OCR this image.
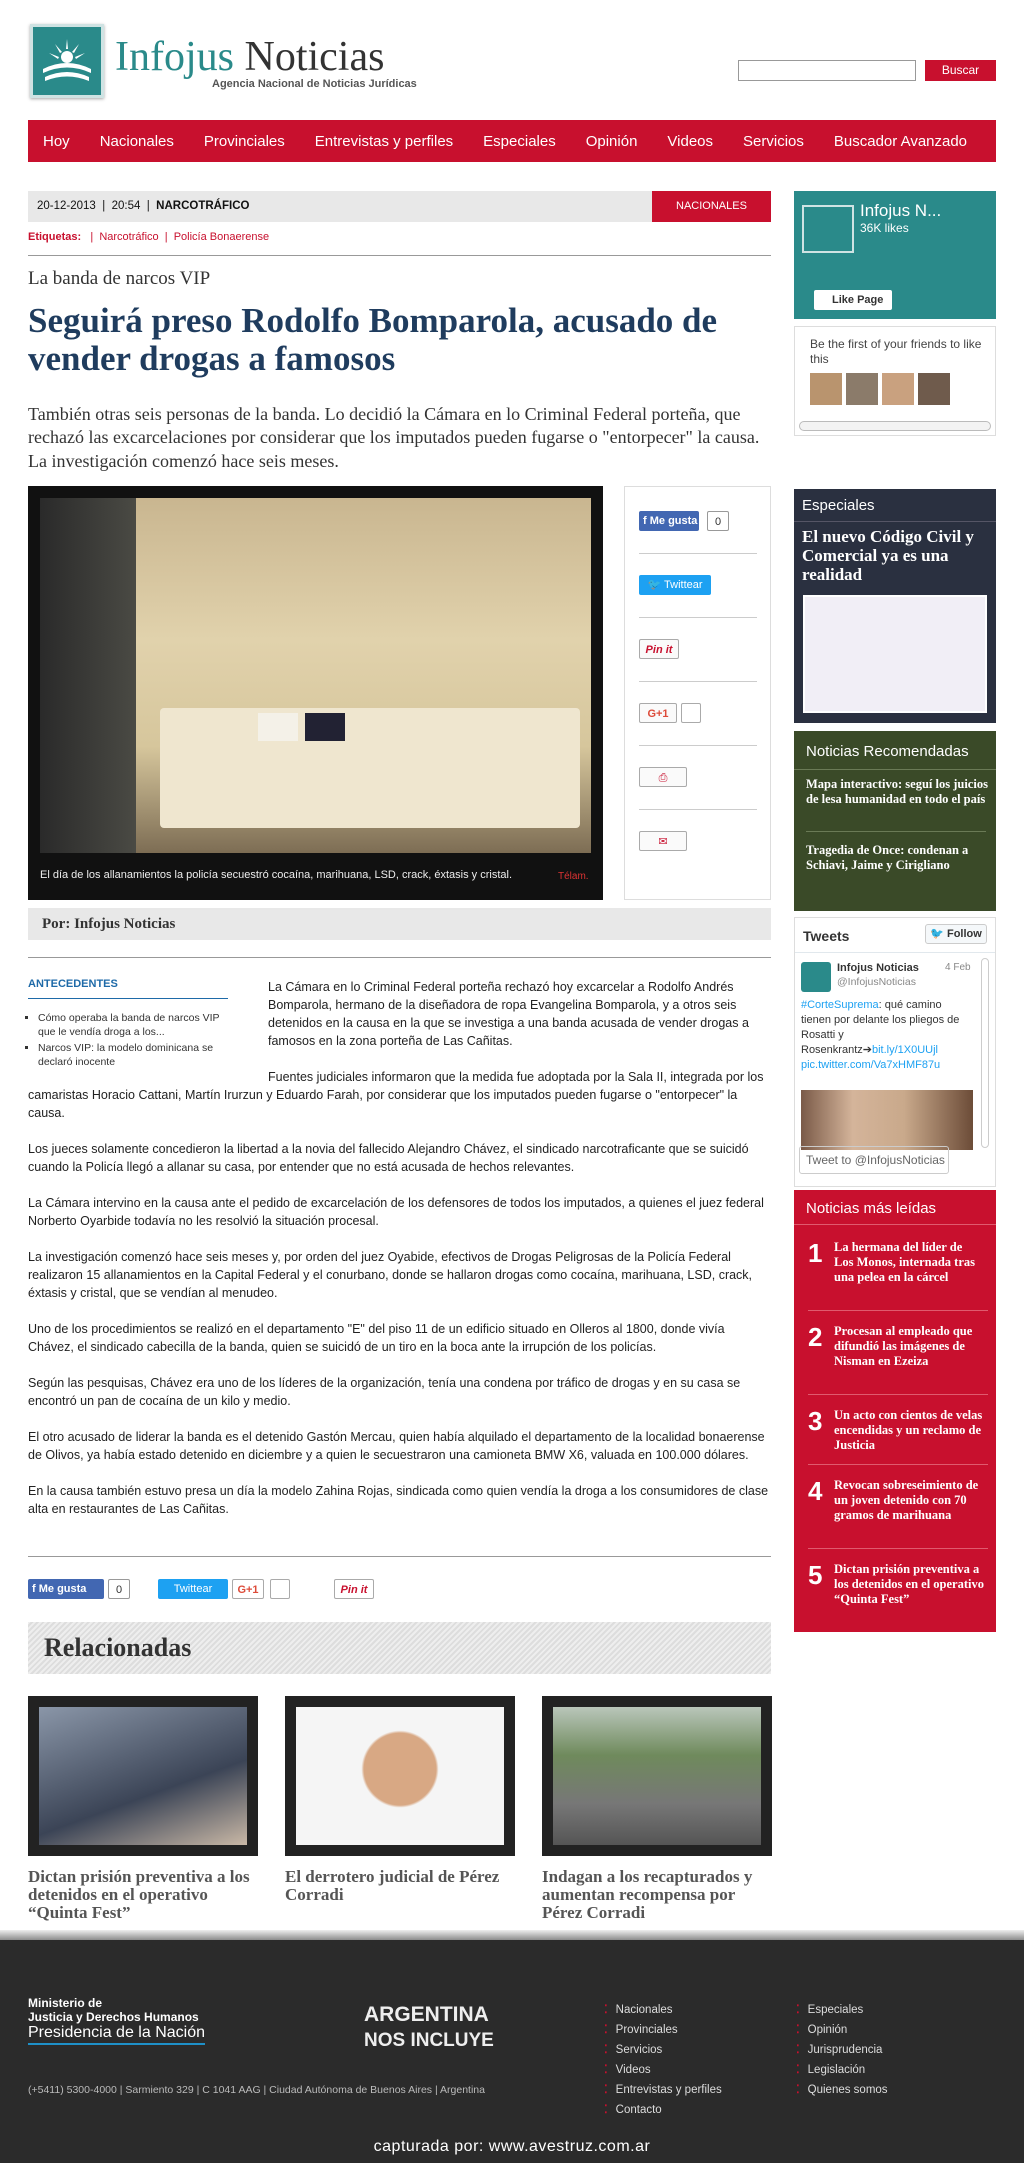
Infojus Noticias
Agencia Nacional de Noticias Jurídicas
Buscar
Hoy Nacionales Provinciales Entrevistas y perfiles Especiales Opinión Videos Servicios Buscador Avanzado
20-12-2013  |  20:54  |  NARCOTRÁFICO	NACIONALES
Etiquetas:   |  Narcotráfico  |  Policía Bonaerense
La banda de narcos VIP
Seguirá preso Rodolfo Bomparola, acusado de vender drogas a famosos
También otras seis personas de la banda. Lo decidió la Cámara en lo Criminal Federal porteña, que rechazó las excarcelaciones por considerar que los imputados pueden fugarse o "entorpecer" la causa. La investigación comenzó hace seis meses.
El día de los allanamientos la policía secuestró cocaína, marihuana, LSD, crack, éxtasis y cristal.	Télam.
f Me gusta	0
🐦 Twittear
Pin it
G+1
⎙
✉
Por: Infojus Noticias
ANTECEDENTES
▪ Cómo operaba la banda de narcos VIP que le vendía droga a los...
▪ Narcos VIP: la modelo dominicana se declaró inocente

La Cámara en lo Criminal Federal porteña rechazó hoy excarcelar a Rodolfo Andrés Bomparola, hermano de la diseñadora de ropa Evangelina Bomparola, y a otros seis detenidos en la causa en la que se investiga a una banda acusada de vender drogas a famosos en la zona porteña de Las Cañitas.

Fuentes judiciales informaron que la medida fue adoptada por la Sala II, integrada por los camaristas Horacio Cattani, Martín Irurzun y Eduardo Farah, por considerar que los imputados pueden fugarse o "entorpecer" la causa.

Los jueces solamente concedieron la libertad a la novia del fallecido Alejandro Chávez, el sindicado narcotraficante que se suicidó cuando la Policía llegó a allanar su casa, por entender que no está acusada de hechos relevantes.

La Cámara intervino en la causa ante el pedido de excarcelación de los defensores de todos los imputados, a quienes el juez federal Norberto Oyarbide todavía no les resolvió la situación procesal.

La investigación comenzó hace seis meses y, por orden del juez Oyabide, efectivos de Drogas Peligrosas de la Policía Federal realizaron 15 allanamientos en la Capital Federal y el conurbano, donde se hallaron drogas como cocaína, marihuana, LSD, crack, éxtasis y cristal, que se vendían al menudeo.

Uno de los procedimientos se realizó en el departamento "E" del piso 11 de un edificio situado en Olleros al 1800, donde vivía Chávez, el sindicado cabecilla de la banda, quien se suicidó de un tiro en la boca ante la irrupción de los policías.

Según las pesquisas, Chávez era uno de los líderes de la organización, tenía una condena por tráfico de drogas y en su casa se encontró un pan de cocaína de un kilo y medio.

El otro acusado de liderar la banda es el detenido Gastón Mercau, quien había alquilado el departamento de la localidad bonaerense de Olivos, ya había estado detenido en diciembre y a quien le secuestraron una camioneta BMW X6, valuada en 100.000 dólares.

En la causa también estuvo presa un día la modelo Zahina Rojas, sindicada como quien vendía la droga a los consumidores de clase alta en restaurantes de Las Cañitas.

f Me gusta	0	Twittear	G+1	Pin it
Relacionadas
Dictan prisión preventiva a los detenidos en el operativo “Quinta Fest”
El derrotero judicial de Pérez Corradi
Indagan a los recapturados y aumentan recompensa por Pérez Corradi
Infojus N...
36K likes
Like Page
Be the first of your friends to like this
Especiales
El nuevo Código Civil y Comercial ya es una realidad
Noticias Recomendadas
Mapa interactivo: seguí los juicios de lesa humanidad en todo el país
Tragedia de Once: condenan a Schiavi, Jaime y Cirigliano
Tweets	🐦 Follow
Infojus Noticias	4 Feb
@InfojusNoticias
#CorteSuprema: qué camino tienen por delante los pliegos de Rosatti y Rosenkrantz➔bit.ly/1X0UUjl pic.twitter.com/Va7xHMF87u
Tweet to @InfojusNoticias
Noticias más leídas
1 La hermana del líder de Los Monos, internada tras una pelea en la cárcel
2 Procesan al empleado que difundió las imágenes de Nisman en Ezeiza
3 Un acto con cientos de velas encendidas y un reclamo de Justicia
4 Revocan sobreseimiento de un joven detenido con 70 gramos de marihuana
5 Dictan prisión preventiva a los detenidos en el operativo “Quinta Fest”
Ministerio de
Justicia y Derechos Humanos
Presidencia de la Nación
ARGENTINA
NOS INCLUYE
(+5411) 5300-4000 | Sarmiento 329 | C 1041 AAG | Ciudad Autónoma de Buenos Aires | Argentina
⁚ Nacionales
⁚ Provinciales
⁚ Servicios
⁚ Videos
⁚ Entrevistas y perfiles
⁚ Contacto
⁚ Especiales
⁚ Opinión
⁚ Jurisprudencia
⁚ Legislación
⁚ Quienes somos
capturada por: www.avestruz.com.ar
